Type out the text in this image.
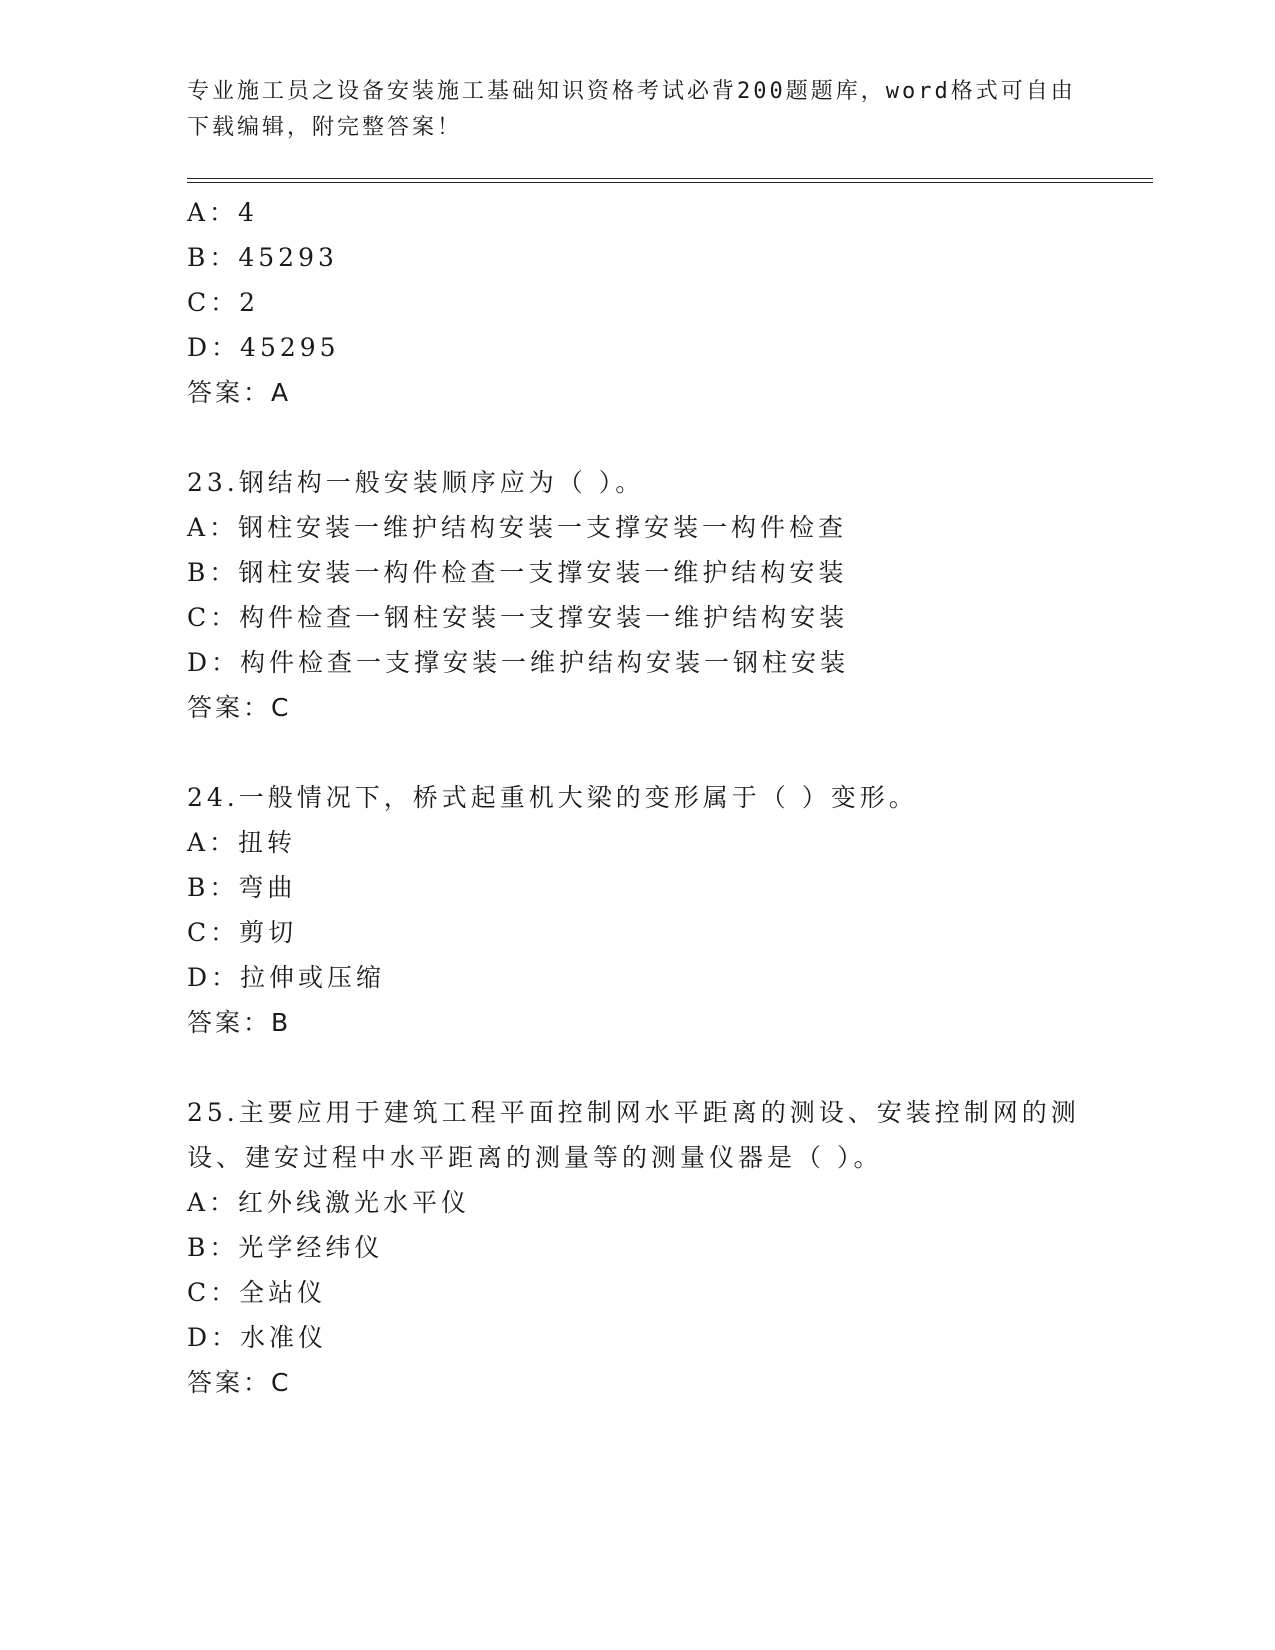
专业施工员之设备安装施工基础知识资格考试必背200题题库，word格式可自由
下载编辑，附完整答案！
A：4
B：45293
C：2
D：45295
答案：A
23.钢结构一般安装顺序应为（ ）。
A：钢柱安装一维护结构安装一支撑安装一构件检查
B：钢柱安装一构件检查一支撑安装一维护结构安装
C：构件检查一钢柱安装一支撑安装一维护结构安装
D：构件检查一支撑安装一维护结构安装一钢柱安装
答案：C
24.一般情况下，桥式起重机大梁的变形属于（ ）变形。
A：扭转
B：弯曲
C：剪切
D：拉伸或压缩
答案：B
25.主要应用于建筑工程平面控制网水平距离的测设、安装控制网的测
设、建安过程中水平距离的测量等的测量仪器是（ ）。
A：红外线激光水平仪
B：光学经纬仪
C：全站仪
D：水准仪
答案：C
